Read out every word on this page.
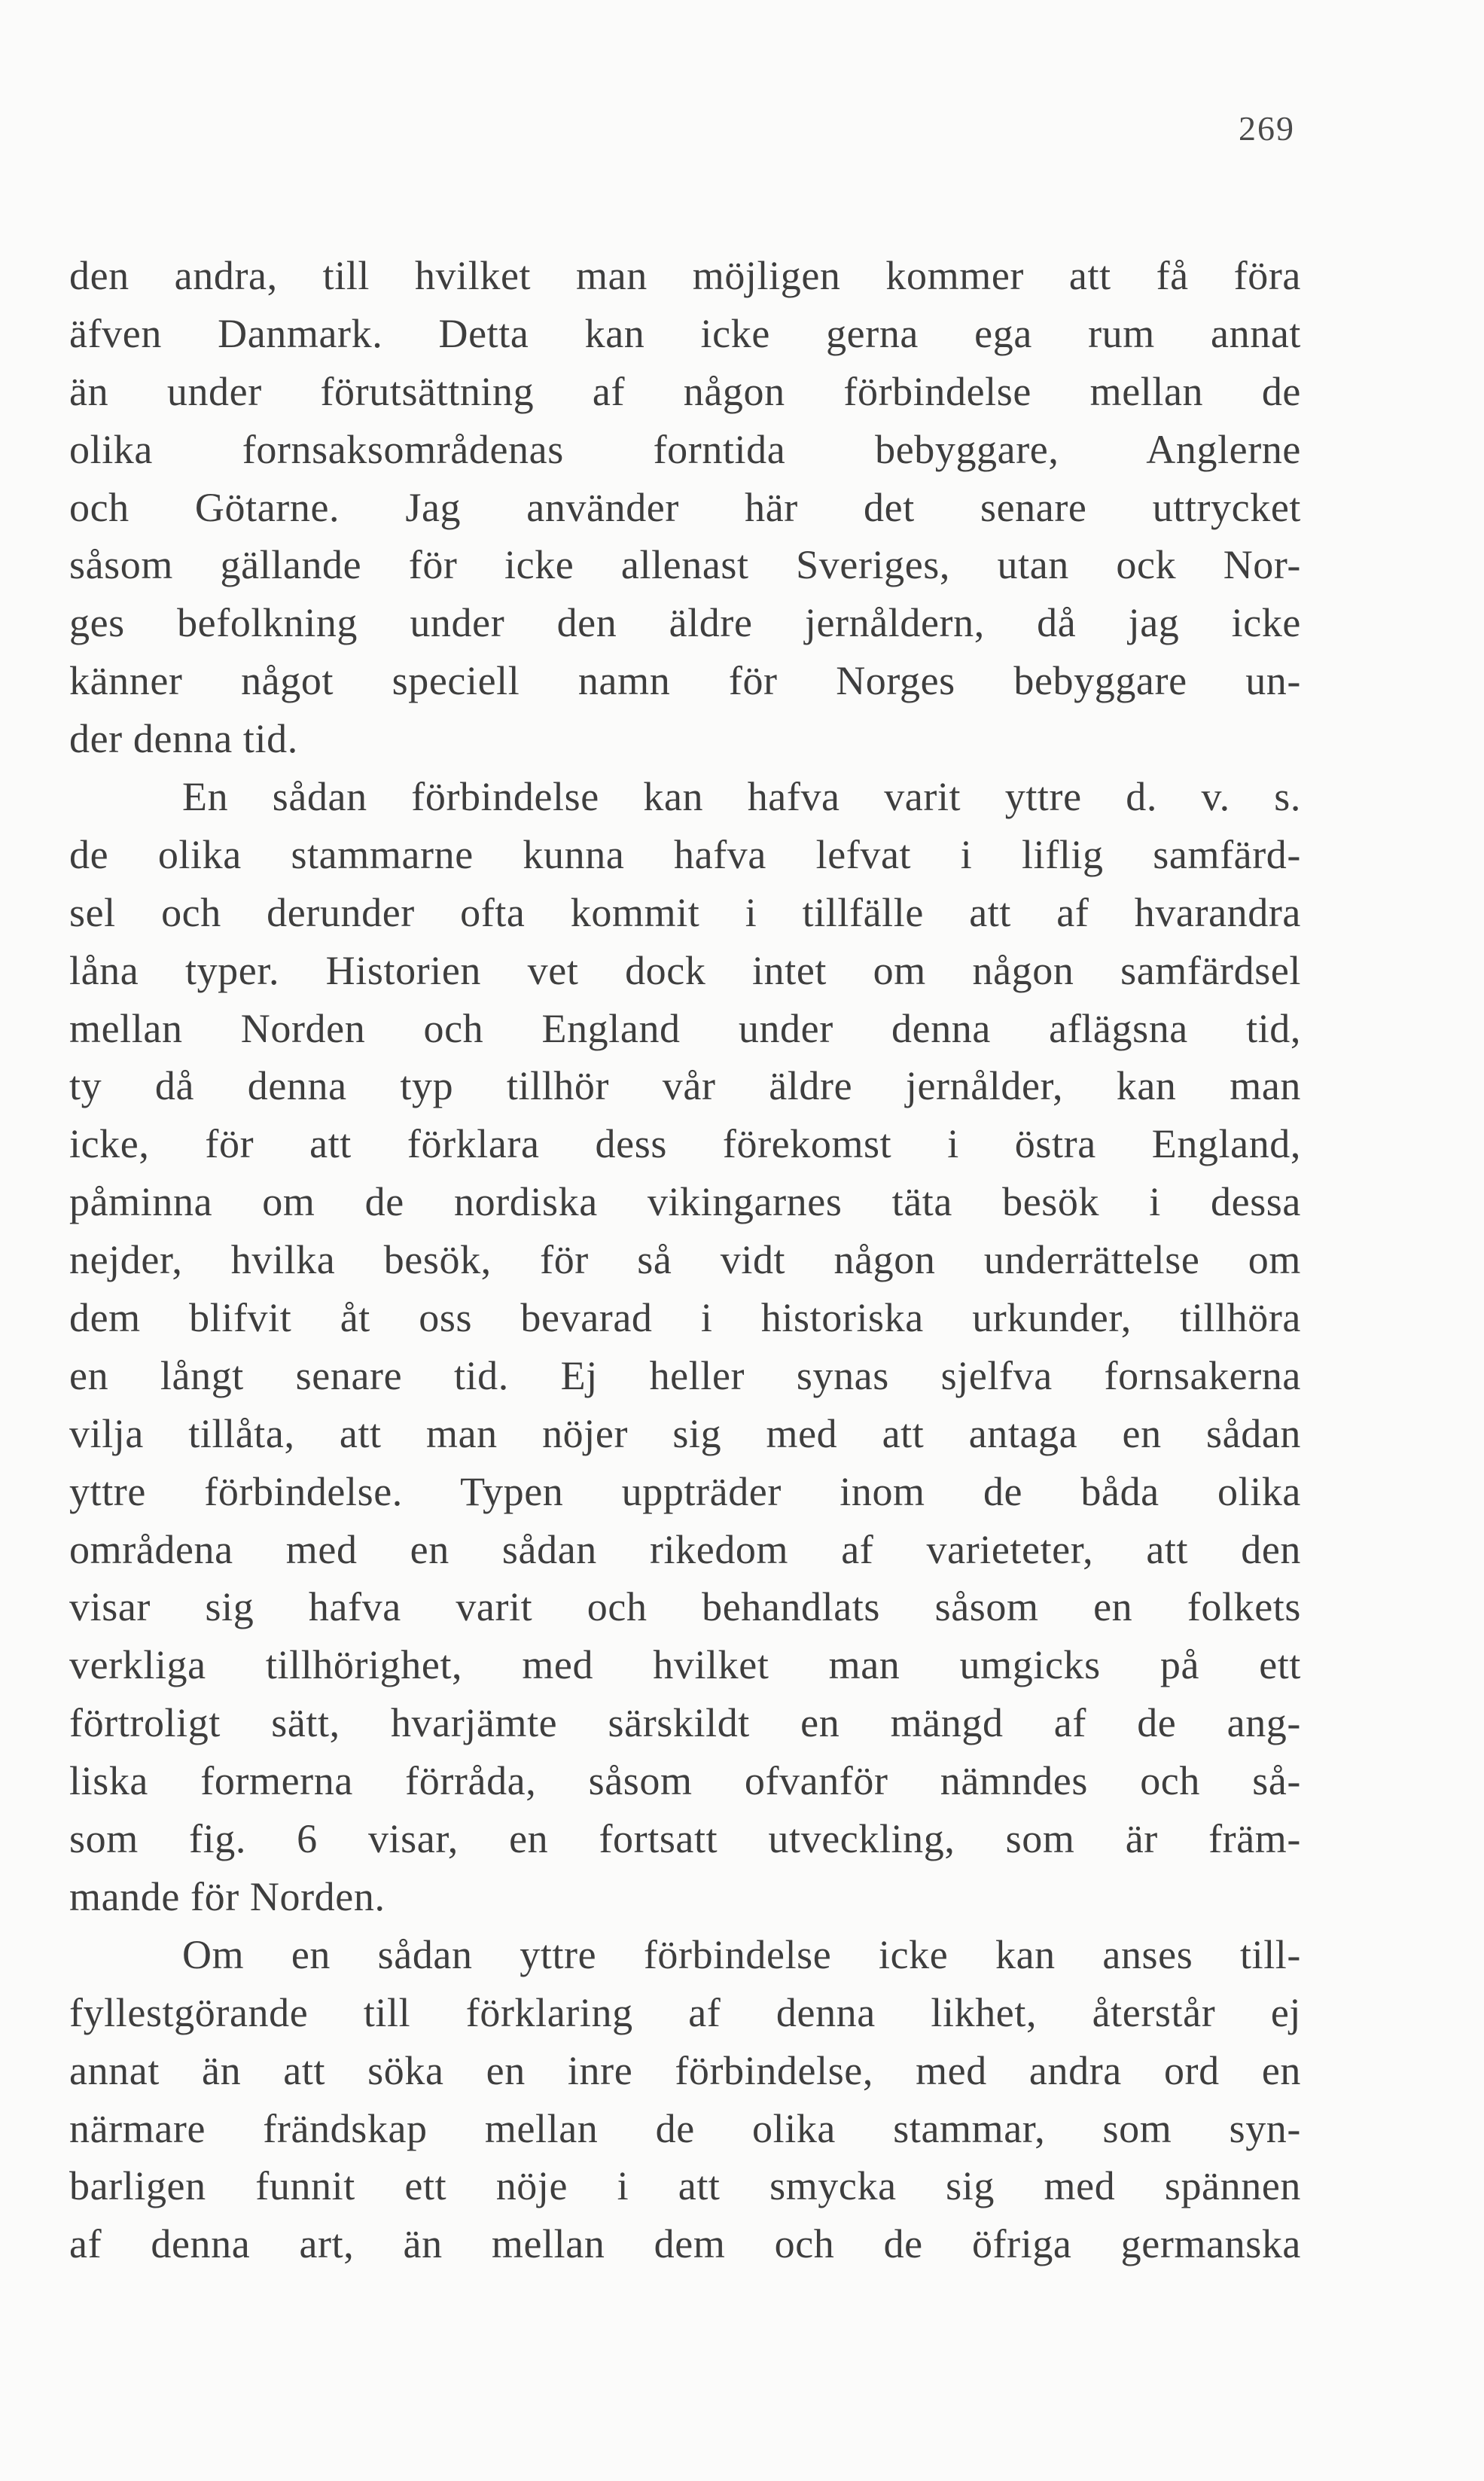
269
den andra, till hvilket man möjligen kommer att få föra
äfven Danmark. Detta kan icke gerna ega rum annat
än under förutsättning af någon förbindelse mellan de
olika fornsaksområdenas forntida bebyggare, Anglerne
och Götarne. Jag använder här det senare uttrycket
såsom gällande för icke allenast Sveriges, utan ock Nor-
ges befolkning under den äldre jernåldern, då jag icke
känner något speciell namn för Norges bebyggare un-
der denna tid.
En sådan förbindelse kan hafva varit yttre d. v. s.
de olika stammarne kunna hafva lefvat i liflig samfärd-
sel och derunder ofta kommit i tillfälle att af hvarandra
låna typer. Historien vet dock intet om någon samfärdsel
mellan Norden och England under denna aflägsna tid,
ty då denna typ tillhör vår äldre jernålder, kan man
icke, för att förklara dess förekomst i östra England,
påminna om de nordiska vikingarnes täta besök i dessa
nejder, hvilka besök, för så vidt någon underrättelse om
dem blifvit åt oss bevarad i historiska urkunder, tillhöra
en långt senare tid. Ej heller synas sjelfva fornsakerna
vilja tillåta, att man nöjer sig med att antaga en sådan
yttre förbindelse. Typen uppträder inom de båda olika
områdena med en sådan rikedom af varieteter, att den
visar sig hafva varit och behandlats såsom en folkets
verkliga tillhörighet, med hvilket man umgicks på ett
förtroligt sätt, hvarjämte särskildt en mängd af de ang-
liska formerna förråda, såsom ofvanför nämndes och så-
som fig. 6 visar, en fortsatt utveckling, som är främ-
mande för Norden.
Om en sådan yttre förbindelse icke kan anses till-
fyllestgörande till förklaring af denna likhet, återstår ej
annat än att söka en inre förbindelse, med andra ord en
närmare frändskap mellan de olika stammar, som syn-
barligen funnit ett nöje i att smycka sig med spännen
af denna art, än mellan dem och de öfriga germanska
